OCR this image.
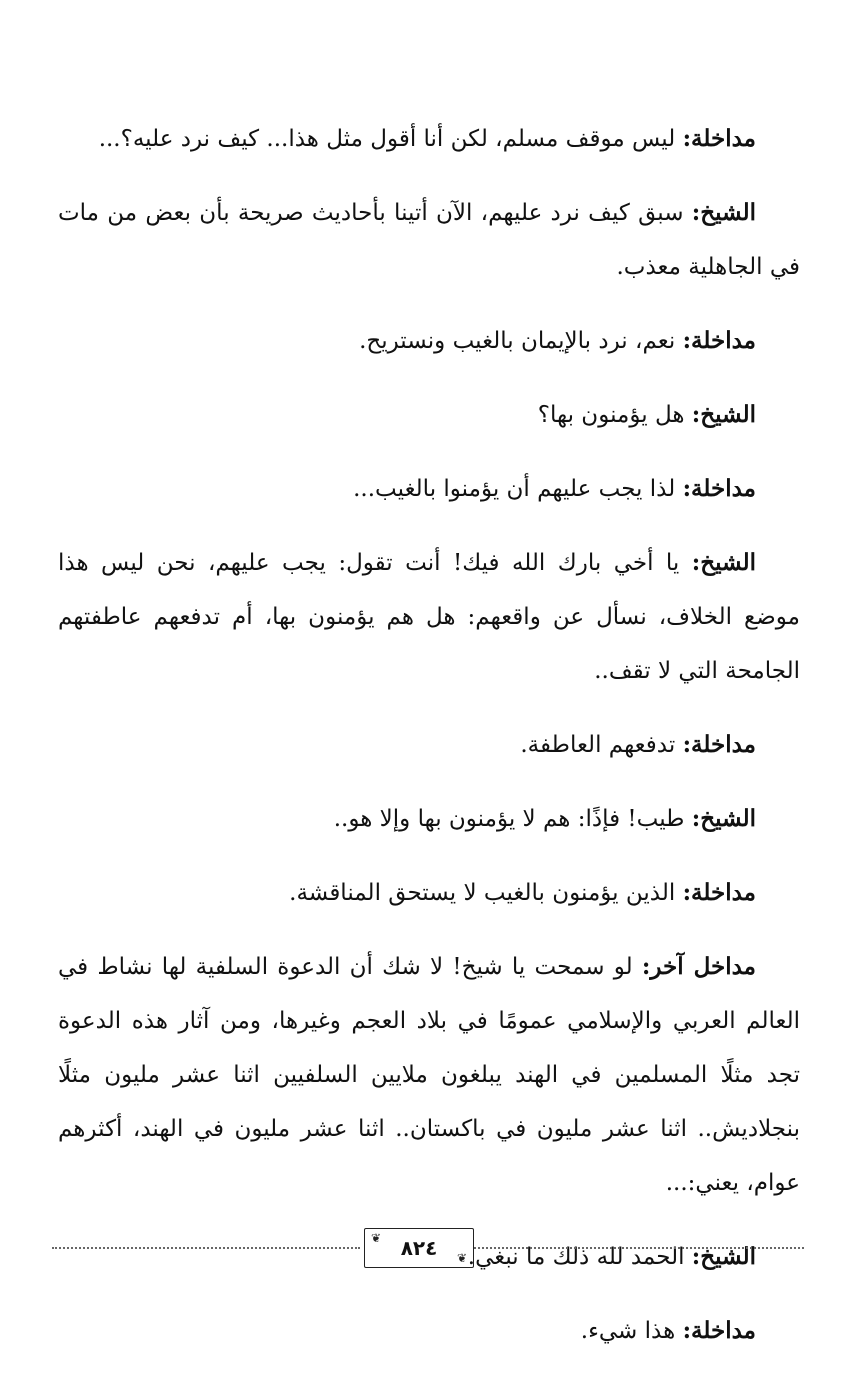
مداخلة: ليس موقف مسلم، لكن أنا أقول مثل هذا... كيف نرد عليه؟...

الشيخ: سبق كيف نرد عليهم، الآن أتينا بأحاديث صريحة بأن بعض من مات في الجاهلية معذب.

مداخلة: نعم، نرد بالإيمان بالغيب ونستريح.

الشيخ: هل يؤمنون بها؟

مداخلة: لذا يجب عليهم أن يؤمنوا بالغيب...

الشيخ: يا أخي بارك الله فيك! أنت تقول: يجب عليهم، نحن ليس هذا موضع الخلاف، نسأل عن واقعهم: هل هم يؤمنون بها، أم تدفعهم عاطفتهم الجامحة التي لا تقف..

مداخلة: تدفعهم العاطفة.

الشيخ: طيب! فإذًا: هم لا يؤمنون بها وإلا هو..

مداخلة: الذين يؤمنون بالغيب لا يستحق المناقشة.

مداخل آخر: لو سمحت يا شيخ! لا شك أن الدعوة السلفية لها نشاط في العالم العربي والإسلامي عمومًا في بلاد العجم وغيرها، ومن آثار هذه الدعوة تجد مثلًا المسلمين في الهند يبلغون ملايين السلفيين اثنا عشر مليون مثلًا بنجلاديش.. اثنا عشر مليون في باكستان.. اثنا عشر مليون في الهند، أكثرهم عوام، يعني:...

الشيخ: الحمد لله ذلك ما نبغي.

مداخلة: هذا شيء.

❦ ٨٢٤ ❦
